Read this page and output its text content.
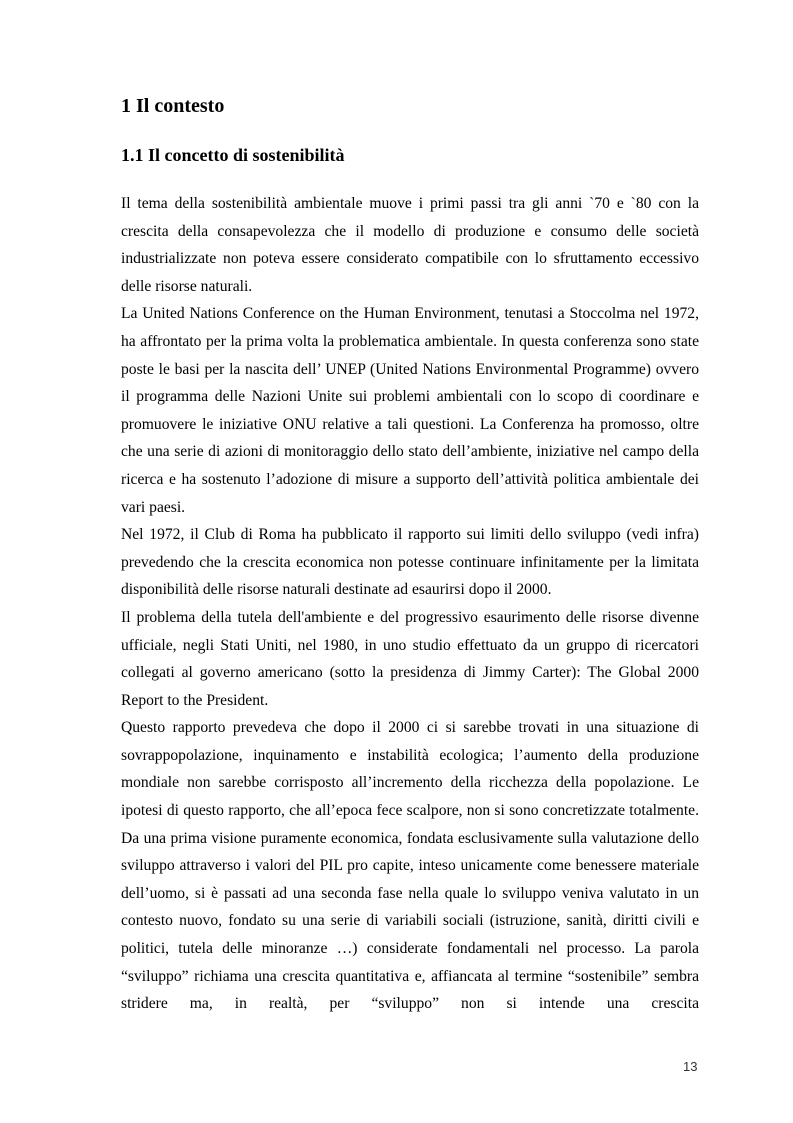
1 Il contesto
1.1 Il concetto di sostenibilità

Il tema della sostenibilità ambientale muove i primi passi tra gli anni `70 e `80 con la crescita della consapevolezza che il modello di produzione e consumo delle società industrializzate non poteva essere considerato compatibile con lo sfruttamento eccessivo delle risorse naturali.

La United Nations Conference on the Human Environment, tenutasi a Stoccolma nel 1972, ha affrontato per la prima volta la problematica ambientale. In questa conferenza sono state poste le basi per la nascita dell’ UNEP (United Nations Environmental Programme) ovvero il programma delle Nazioni Unite sui problemi ambientali con lo scopo di coordinare e promuovere le iniziative ONU relative a tali questioni. La Conferenza ha promosso, oltre che una serie di azioni di monitoraggio dello stato dell’ambiente, iniziative nel campo della ricerca e ha sostenuto l’adozione di misure a supporto dell’attività politica ambientale dei vari paesi.

Nel 1972, il Club di Roma ha pubblicato il rapporto sui limiti dello sviluppo (vedi infra) prevedendo che la crescita economica non potesse continuare infinitamente per la limitata disponibilità delle risorse naturali destinate ad esaurirsi dopo il 2000.

Il problema della tutela dell'ambiente e del progressivo esaurimento delle risorse divenne ufficiale, negli Stati Uniti, nel 1980, in uno studio effettuato da un gruppo di ricercatori collegati al governo americano (sotto la presidenza di Jimmy Carter): The Global 2000 Report to the President.

Questo rapporto prevedeva che dopo il 2000 ci si sarebbe trovati in una situazione di sovrappopolazione, inquinamento e instabilità ecologica; l’aumento della produzione mondiale non sarebbe corrisposto all’incremento della ricchezza della popolazione. Le ipotesi di questo rapporto, che all’epoca fece scalpore, non si sono concretizzate totalmente. Da una prima visione puramente economica, fondata esclusivamente sulla valutazione dello sviluppo attraverso i valori del PIL pro capite, inteso unicamente come benessere materiale dell’uomo, si è passati ad una seconda fase nella quale lo sviluppo veniva valutato in un contesto nuovo, fondato su una serie di variabili sociali (istruzione, sanità, diritti civili e politici, tutela delle minoranze …) considerate fondamentali nel processo. La parola “sviluppo” richiama una crescita quantitativa e, affiancata al termine “sostenibile” sembra stridere ma, in realtà, per “sviluppo” non si intende una crescita

13
